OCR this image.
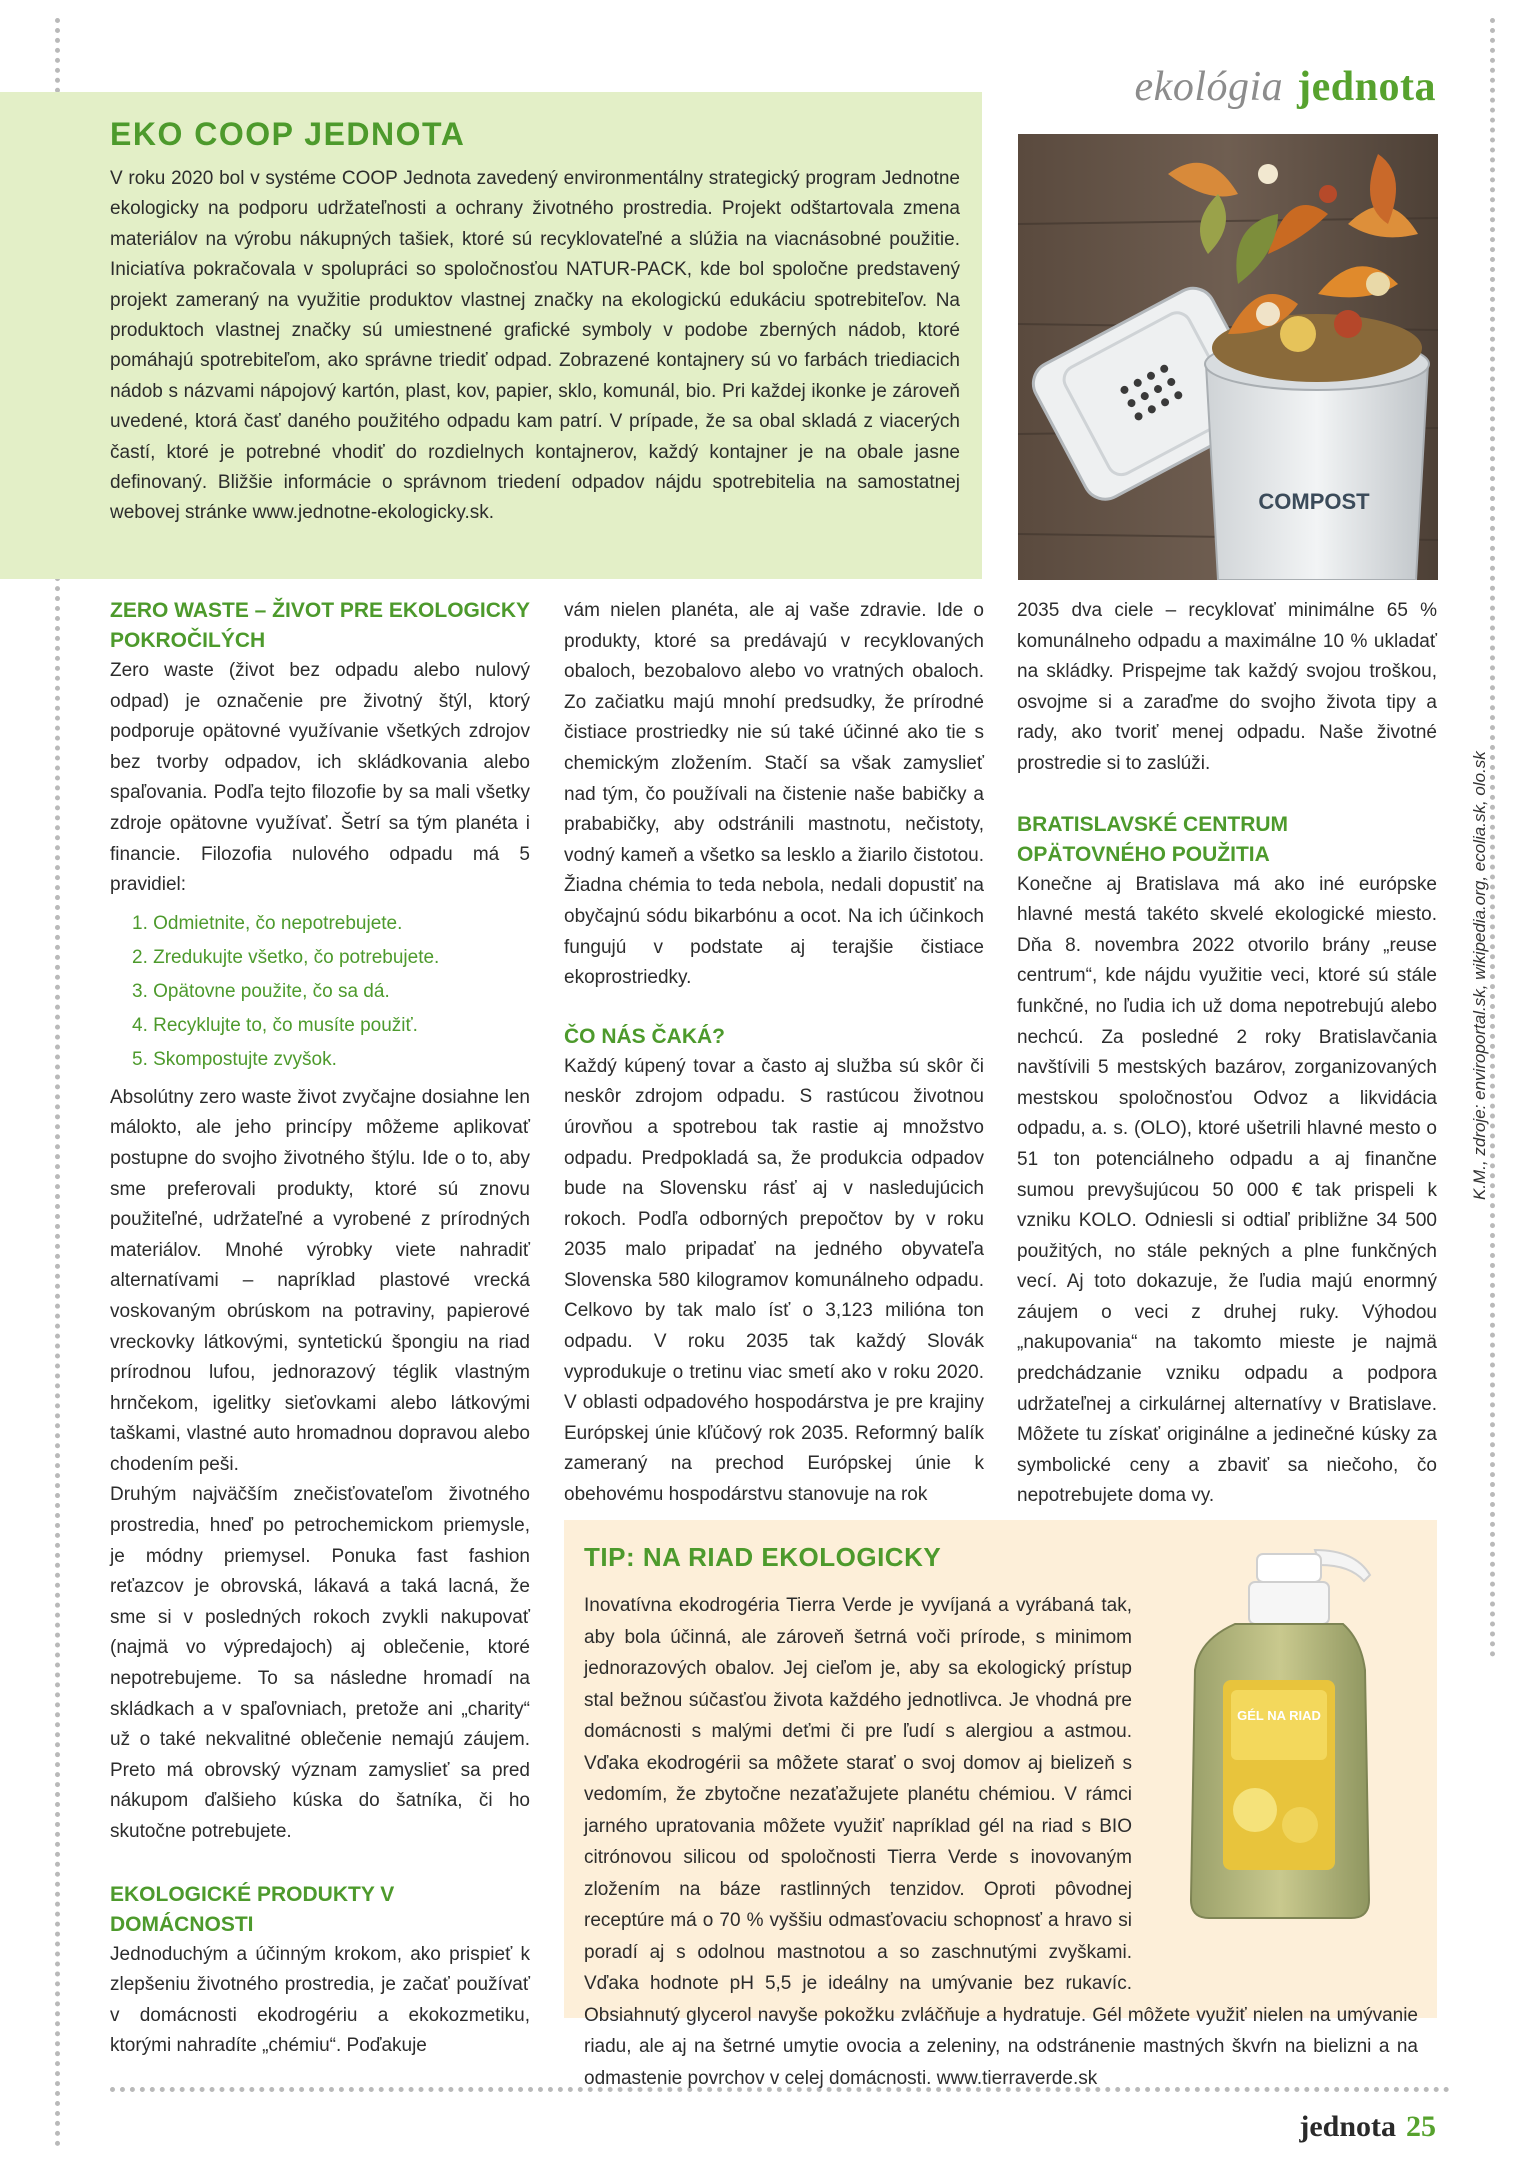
ekológia jednota
EKO COOP JEDNOTA

V roku 2020 bol v systéme COOP Jednota zavedený environmentálny strategický program Jednotne ekologicky na podporu udržateľnosti a ochrany životného prostredia. Projekt odštartovala zmena materiálov na výrobu nákupných tašiek, ktoré sú recyklovateľné a slúžia na viacnásobné použitie. Iniciatíva pokračovala v spolupráci so spoločnosťou NATUR-PACK, kde bol spoločne predstavený projekt zameraný na využitie produktov vlastnej značky na ekologickú edukáciu spotrebiteľov. Na produktoch vlastnej značky sú umiestnené grafické symboly v podobe zberných nádob, ktoré pomáhajú spotrebiteľom, ako správne triediť odpad. Zobrazené kontajnery sú vo farbách triediacich nádob s názvami nápojový kartón, plast, kov, papier, sklo, komunál, bio. Pri každej ikonke je zároveň uvedené, ktorá časť daného použitého odpadu kam patrí. V prípade, že sa obal skladá z viacerých častí, ktoré je potrebné vhodiť do rozdielnych kontajnerov, každý kontajner je na obale jasne definovaný. Bližšie informácie o správnom triedení odpadov nájdu spotrebitelia na samostatnej webovej stránke www.jednotne-ekologicky.sk.	COMPOST
ZERO WASTE – ŽIVOT PRE EKOLOGICKY POKROČILÝCH

Zero waste (život bez odpadu alebo nulový odpad) je označenie pre životný štýl, ktorý podporuje opätovné využívanie všetkých zdrojov bez tvorby odpadov, ich skládkovania alebo spaľovania. Podľa tejto filozofie by sa mali všetky zdroje opätovne využívať. Šetrí sa tým planéta i financie. Filozofia nulového odpadu má 5 pravidiel:

1. Odmietnite, čo nepotrebujete.
2. Zredukujte všetko, čo potrebujete.
3. Opätovne použite, čo sa dá.
4. Recyklujte to, čo musíte použiť.
5. Skompostujte zvyšok.

Absolútny zero waste život zvyčajne dosiahne len málokto, ale jeho princípy môžeme aplikovať postupne do svojho životného štýlu. Ide o to, aby sme preferovali produkty, ktoré sú znovu použiteľné, udržateľné a vyrobené z prírodných materiálov. Mnohé výrobky viete nahradiť alternatívami – napríklad plastové vrecká voskovaným obrúskom na potraviny, papierové vreckovky látkovými, syntetickú špongiu na riad prírodnou lufou, jednorazový téglik vlastným hrnčekom, igelitky sieťovkami alebo látkovými taškami, vlastné auto hromadnou dopravou alebo chodením peši.

Druhým najväčším znečisťovateľom životného prostredia, hneď po petrochemickom priemysle, je módny priemysel. Ponuka fast fashion reťazcov je obrovská, lákavá a taká lacná, že sme si v posledných rokoch zvykli nakupovať (najmä vo výpredajoch) aj oblečenie, ktoré nepotrebujeme. To sa následne hromadí na skládkach a v spaľovniach, pretože ani „charity“ už o také nekvalitné oblečenie nemajú záujem. Preto má obrovský význam zamyslieť sa pred nákupom ďalšieho kúska do šatníka, či ho skutočne potrebujete.

EKOLOGICKÉ PRODUKTY V DOMÁCNOSTI

Jednoduchým a účinným krokom, ako prispieť k zlepšeniu životného prostredia, je začať používať v domácnosti ekodrogériu a ekokozmetiku, ktorými nahradíte „chémiu“. Poďakuje

vám nielen planéta, ale aj vaše zdravie. Ide o produkty, ktoré sa predávajú v recyklovaných obaloch, bezobalovo alebo vo vratných obaloch. Zo začiatku majú mnohí predsudky, že prírodné čistiace prostriedky nie sú také účinné ako tie s chemickým zložením. Stačí sa však zamyslieť nad tým, čo používali na čistenie naše babičky a prababičky, aby odstránili mastnotu, nečistoty, vodný kameň a všetko sa lesklo a žiarilo čistotou. Žiadna chémia to teda nebola, nedali dopustiť na obyčajnú sódu bikarbónu a ocot. Na ich účinkoch fungujú v podstate aj terajšie čistiace ekoprostriedky.

ČO NÁS ČAKÁ?

Každý kúpený tovar a často aj služba sú skôr či neskôr zdrojom odpadu. S rastúcou životnou úrovňou a spotrebou tak rastie aj množstvo odpadu. Predpokladá sa, že produkcia odpadov bude na Slovensku rásť aj v nasledujúcich rokoch. Podľa odborných prepočtov by v roku 2035 malo pripadať na jedného obyvateľa Slovenska 580 kilogramov komunálneho odpadu. Celkovo by tak malo ísť o 3,123 milióna ton odpadu. V roku 2035 tak každý Slovák vyprodukuje o tretinu viac smetí ako v roku 2020. V oblasti odpadového hospodárstva je pre krajiny Európskej únie kľúčový rok 2035. Reformný balík zameraný na prechod Európskej únie k obehovému hospodárstvu stanovuje na rok

2035 dva ciele – recyklovať minimálne 65 % komunálneho odpadu a maximálne 10 % ukladať na skládky. Prispejme tak každý svojou troškou, osvojme si a zaraďme do svojho životа tipy a rady, ako tvoriť menej odpadu. Naše životné prostredie si to zaslúži.

BRATISLAVSKÉ CENTRUM OPÄTOVNÉHO POUŽITIA

Konečne aj Bratislava má ako iné európske hlavné mestá takéto skvelé ekologické miesto. Dňa 8. novembra 2022 otvorilo brány „reuse centrum“, kde nájdu využitie veci, ktoré sú stále funkčné, no ľudia ich už doma nepotrebujú alebo nechcú. Za posledné 2 roky Bratislavčania navštívili 5 mestských bazárov, zorganizovaných mestskou spoločnosťou Odvoz a likvidácia odpadu, a. s. (OLO), ktoré ušetrili hlavné mesto o 51 ton potenciálneho odpadu a aj finančne sumou prevyšujúcou 50 000 € tak prispeli k vzniku KOLO. Odniesli si odtiaľ približne 34 500 použitých, no stále pekných a plne funkčných vecí. Aj toto dokazuje, že ľudia majú enormný záujem o veci z druhej ruky. Výhodou „nakupovania“ na takomto mieste je najmä predchádzanie vzniku odpadu a podpora udržateľnej a cirkulárnej alternatívy v Bratislave. Môžete tu získať originálne a jedinečné kúsky za symbolické ceny a zbaviť sa niečoho, čo nepotrebujete doma vy.

TIP: NA RIAD EKOLOGICKY
Inovatívna ekodrogéria Tierra Verde je vyvíjaná a vyrábaná tak, aby bola účinná, ale zároveň šetrná voči prírode, s minimom jednorazových obalov. Jej cieľom je, aby sa ekologický prístup stal bežnou súčasťou života každého jednotlivca. Je vhodná pre domácnosti s malými deťmi či pre ľudí s alergiou a astmou. Vďaka ekodrogérii sa môžete starať o svoj domov aj bielizeň s vedomím, že zbytočne nezaťažujete planétu chémiou. V rámci jarného upratovania môžete využiť napríklad gél na riad s BIO citrónovou silicou od spoločnosti Tierra Verde s inovovaným zložením na báze rastlinných tenzidov. Oproti pôvodnej receptúre má o 70 % vyššiu odmasťovaciu schopnosť a hravo si poradí aj s odolnou mastnotou a so zaschnutými zvyškami. Vďaka hodnote pH 5,5 je ideálny na umývanie bez rukavíc. Obsiahnutý glycerol navyše pokožku zvláčňuje a hydratuje. Gél môžete využiť nielen na umývanie riadu, ale aj na šetrné umytie ovocia a zeleniny, na odstránenie mastných škvŕn na bielizni a na odmastenie povrchov v celej domácnosti. www.tierraverde.sk
GÉL NA RIAD
K.M., zdroje: enviroportal.sk, wikipedia.org, ecolia.sk, olo.sk
jednota 25
